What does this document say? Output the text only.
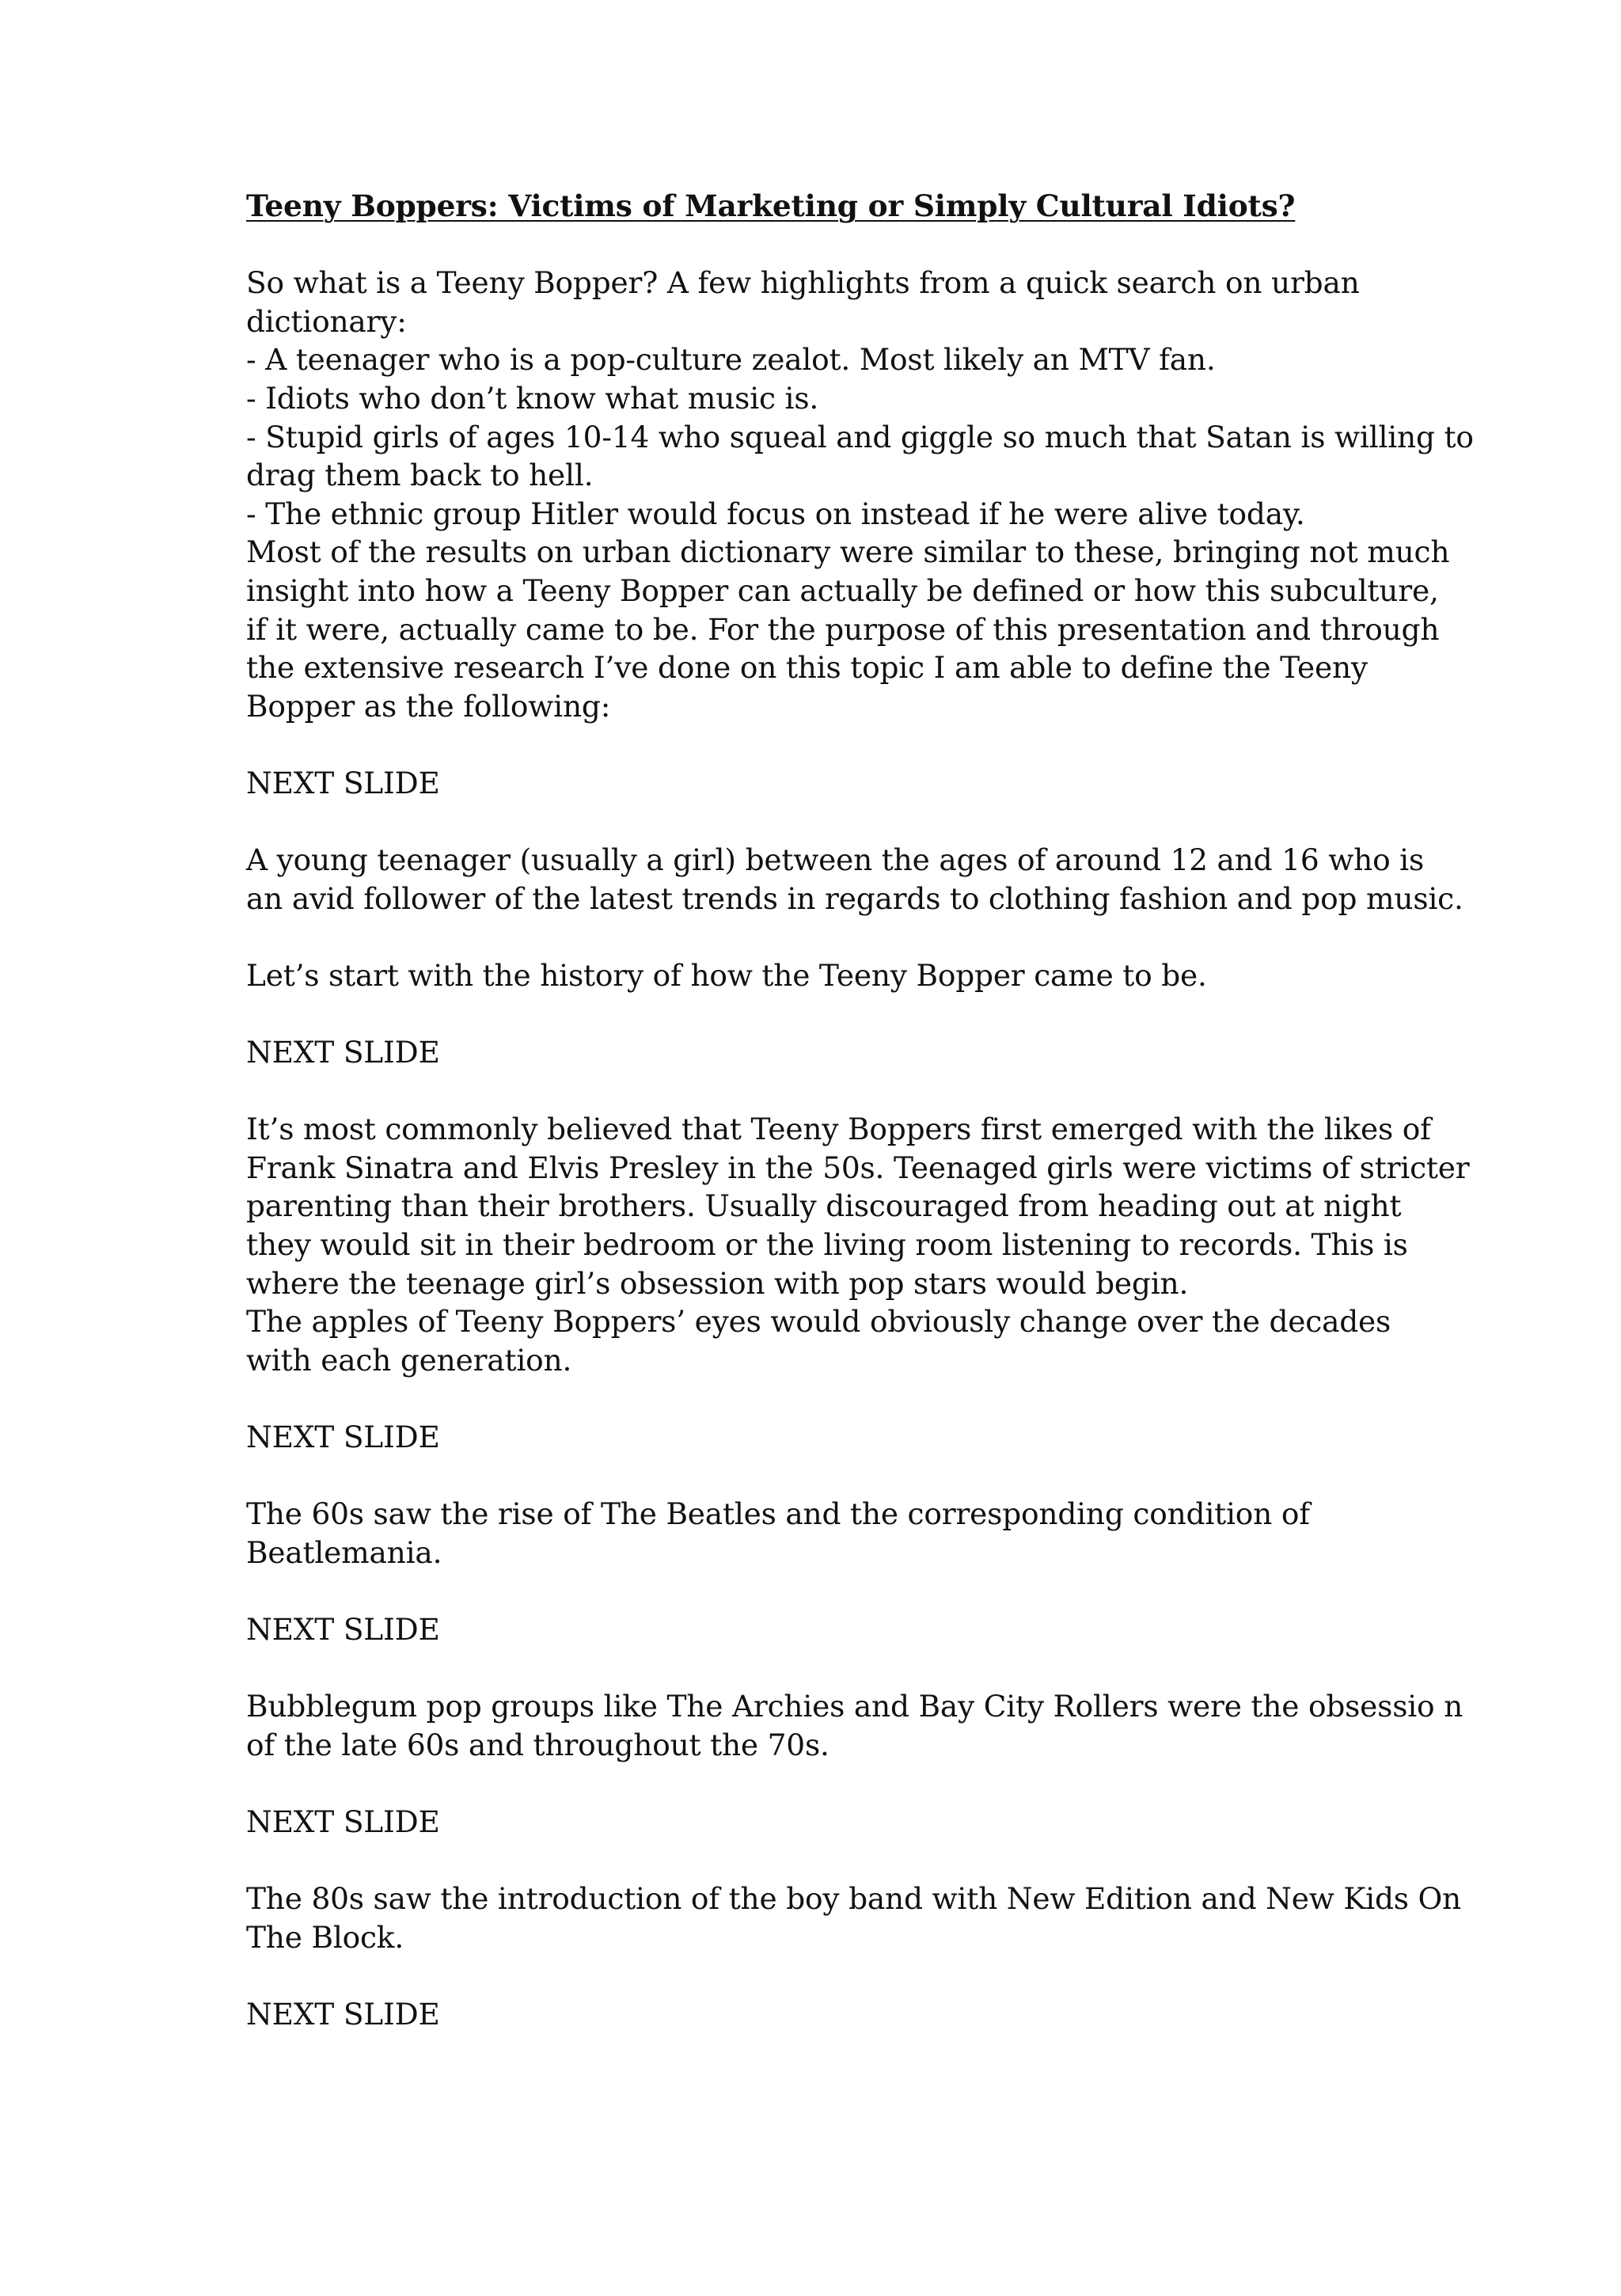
Teeny Boppers: Victims of Marketing or Simply Cultural Idiots?
So what is a Teeny Bopper? A few highlights from a quick search on urban
dictionary:
- A teenager who is a pop-culture zealot. Most likely an MTV fan.
- Idiots who don’t know what music is.
- Stupid girls of ages 10-14 who squeal and giggle so much that Satan is willing to
drag them back to hell.
- The ethnic group Hitler would focus on instead if he were alive today.
Most of the results on urban dictionary were similar to these, bringing not much
insight into how a Teeny Bopper can actually be defined or how this subculture,
if it were, actually came to be. For the purpose of this presentation and through
the extensive research I’ve done on this topic I am able to define the Teeny
Bopper as the following:
NEXT SLIDE
A young teenager (usually a girl) between the ages of around 12 and 16 who is
an avid follower of the latest trends in regards to clothing fashion and pop music.
Let’s start with the history of how the Teeny Bopper came to be.
NEXT SLIDE
It’s most commonly believed that Teeny Boppers first emerged with the likes of
Frank Sinatra and Elvis Presley in the 50s. Teenaged girls were victims of stricter
parenting than their brothers. Usually discouraged from heading out at night
they would sit in their bedroom or the living room listening to records. This is
where the teenage girl’s obsession with pop stars would begin.
The apples of Teeny Boppers’ eyes would obviously change over the decades
with each generation.
NEXT SLIDE
The 60s saw the rise of The Beatles and the corresponding condition of
Beatlemania.
NEXT SLIDE
Bubblegum pop groups like The Archies and Bay City Rollers were the obsessio n
of the late 60s and throughout the 70s.
NEXT SLIDE
The 80s saw the introduction of the boy band with New Edition and New Kids On
The Block.
NEXT SLIDE
